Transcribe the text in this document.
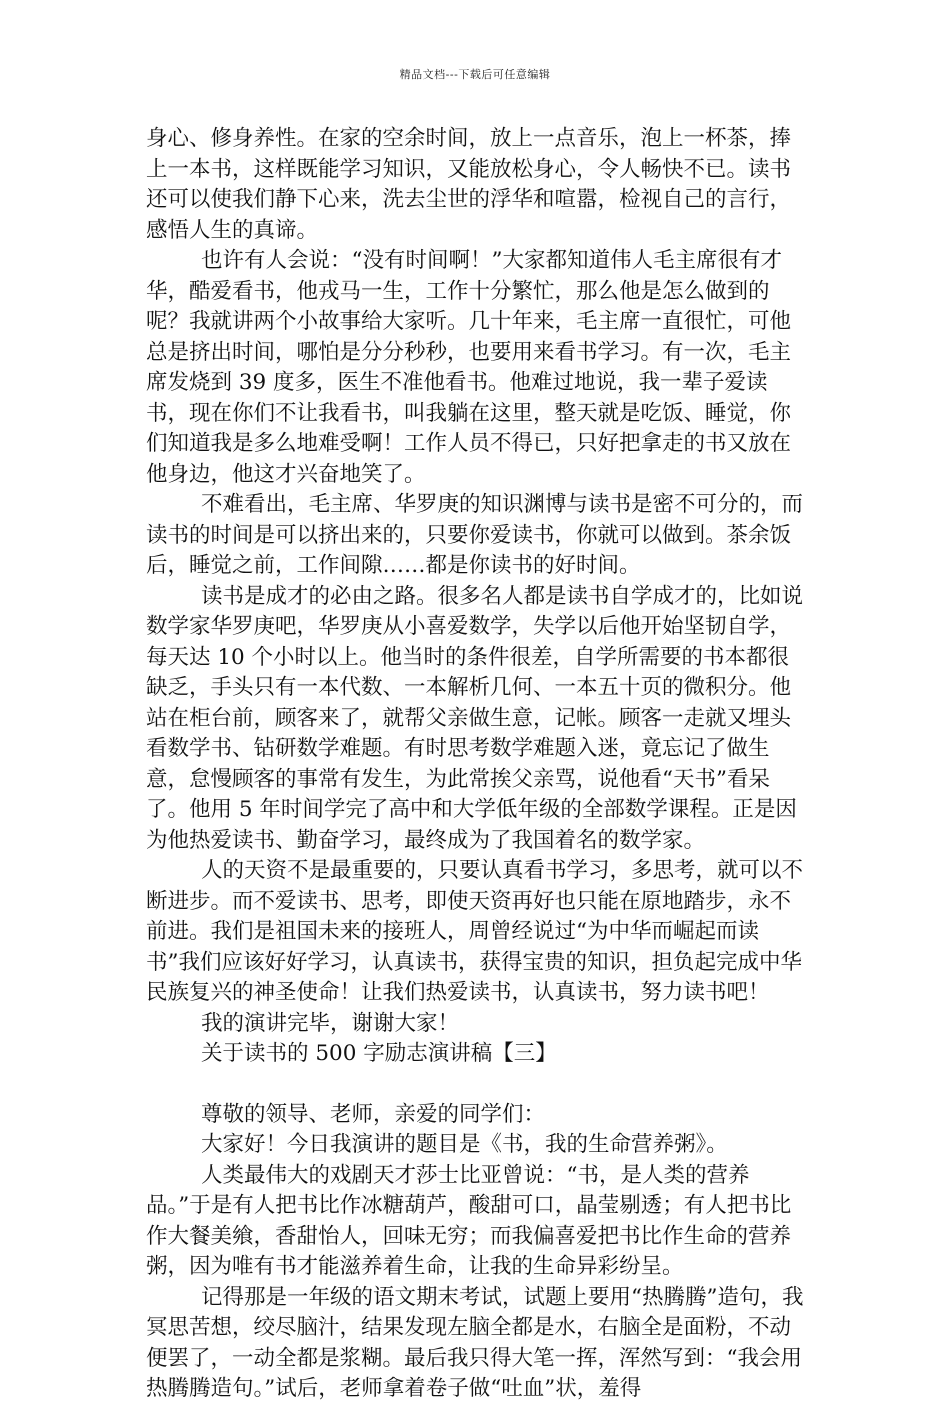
精品文档---下载后可任意编辑

身心、修身养性。在家的空余时间，放上一点音乐，泡上一杯茶，捧上一本书，这样既能学习知识，又能放松身心，令人畅快不已。读书还可以使我们静下心来，洗去尘世的浮华和喧嚣，检视自己的言行，感悟人生的真谛。

也许有人会说：“没有时间啊！”大家都知道伟人毛主席很有才华，酷爱看书，他戎马一生，工作十分繁忙，那么他是怎么做到的呢？我就讲两个小故事给大家听。几十年来，毛主席一直很忙，可他总是挤出时间，哪怕是分分秒秒，也要用来看书学习。有一次，毛主席发烧到 39 度多，医生不准他看书。他难过地说，我一辈子爱读书，现在你们不让我看书，叫我躺在这里，整天就是吃饭、睡觉，你们知道我是多么地难受啊！工作人员不得已，只好把拿走的书又放在他身边，他这才兴奋地笑了。

不难看出，毛主席、华罗庚的知识渊博与读书是密不可分的，而读书的时间是可以挤出来的，只要你爱读书，你就可以做到。茶余饭后，睡觉之前，工作间隙……都是你读书的好时间。

读书是成才的必由之路。很多名人都是读书自学成才的，比如说数学家华罗庚吧，华罗庚从小喜爱数学，失学以后他开始坚韧自学，每天达 10 个小时以上。他当时的条件很差，自学所需要的书本都很缺乏，手头只有一本代数、一本解析几何、一本五十页的微积分。他站在柜台前，顾客来了，就帮父亲做生意，记帐。顾客一走就又埋头看数学书、钻研数学难题。有时思考数学难题入迷，竟忘记了做生意，怠慢顾客的事常有发生，为此常挨父亲骂，说他看“天书”看呆了。他用 5 年时间学完了高中和大学低年级的全部数学课程。正是因为他热爱读书、勤奋学习，最终成为了我国着名的数学家。

人的天资不是最重要的，只要认真看书学习，多思考，就可以不断进步。而不爱读书、思考，即使天资再好也只能在原地踏步，永不前进。我们是祖国未来的接班人，周曾经说过“为中华而崛起而读书”我们应该好好学习，认真读书，获得宝贵的知识，担负起完成中华民族复兴的神圣使命！让我们热爱读书，认真读书，努力读书吧！

我的演讲完毕，谢谢大家！

关于读书的 500 字励志演讲稿【三】

尊敬的领导、老师，亲爱的同学们：

大家好！今日我演讲的题目是《书，我的生命营养粥》。

人类最伟大的戏剧天才莎士比亚曾说：“书，是人类的营养品。”于是有人把书比作冰糖葫芦，酸甜可口，晶莹剔透；有人把书比作大餐美飨，香甜怡人，回味无穷；而我偏喜爱把书比作生命的营养粥，因为唯有书才能滋养着生命，让我的生命异彩纷呈。

记得那是一年级的语文期末考试，试题上要用“热腾腾”造句，我冥思苦想，绞尽脑汁，结果发现左脑全都是水，右脑全是面粉，不动便罢了，一动全都是浆糊。最后我只得大笔一挥，浑然写到：“我会用热腾腾造句。”试后，老师拿着卷子做“吐血”状，羞得
